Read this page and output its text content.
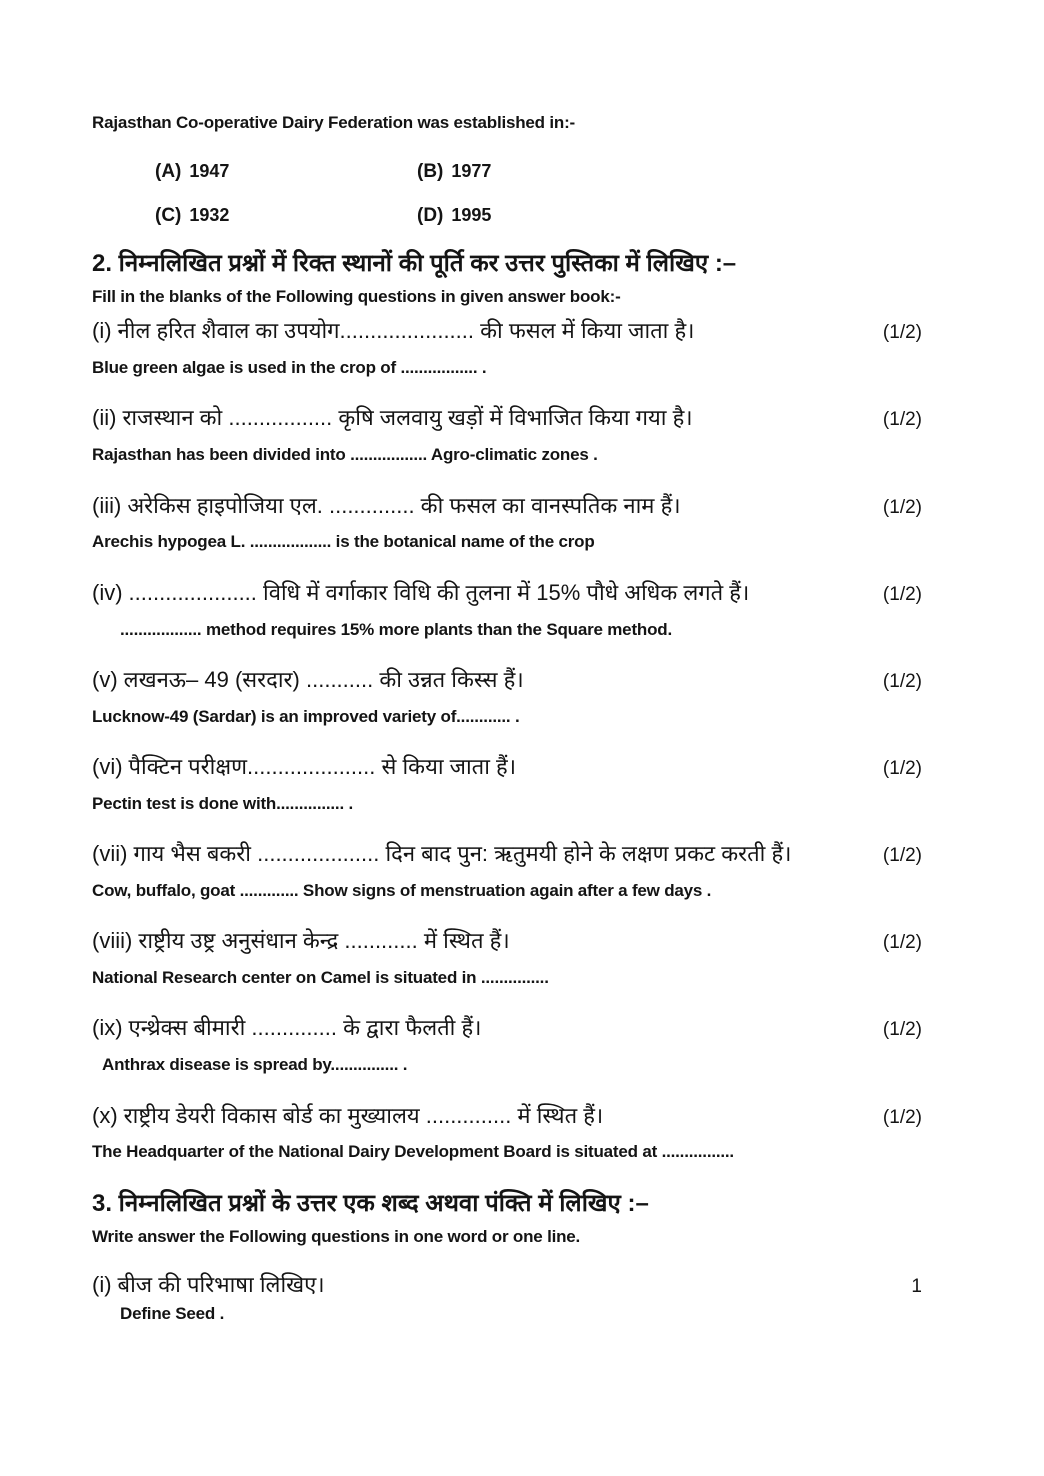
Rajasthan Co-operative Dairy Federation was established in:-
(A) 1947	(B) 1977
(C) 1932	(D) 1995
2. निम्नलिखित प्रश्नों में रिक्त स्थानों की पूर्ति कर उत्तर पुस्तिका में लिखिए :–
Fill in the blanks of the Following questions in given answer book:-
(i) नील हरित शैवाल का उपयोग...................... की फसल में किया जाता है।	(1/2)
Blue green algae is used in the crop of ................. .
(ii) राजस्थान को ................. कृषि जलवायु खड़ों में विभाजित किया गया है।	(1/2)
Rajasthan has been divided into ................. Agro-climatic zones .
(iii) अरेकिस हाइपोजिया एल. .............. की फसल का वानस्पतिक नाम हैं।	(1/2)
Arechis hypogea L. .................. is the botanical name of the crop
(iv) ..................... विधि में वर्गाकार विधि की तुलना में 15% पौधे अधिक लगते हैं।	(1/2)
.................. method requires 15% more plants than the Square method.
(v) लखनऊ– 49 (सरदार) ........... की उन्नत किस्स हैं।	(1/2)
Lucknow-49 (Sardar) is an improved variety of............ .
(vi) पैक्टिन परीक्षण..................... से किया जाता हैं।	(1/2)
Pectin test is done with............... .
(vii) गाय भैस बकरी .................... दिन बाद पुन: ऋतुमयी होने के लक्षण प्रकट करती हैं।	(1/2)
Cow, buffalo, goat ............. Show signs of menstruation again after a few days .
(viii) राष्ट्रीय उष्ट्र अनुसंधान केन्द्र ............ में स्थित हैं।	(1/2)
National Research center on Camel is situated in ...............
(ix) एन्थ्रेक्स बीमारी .............. के द्वारा फैलती हैं।	(1/2)
Anthrax disease is spread by............... .
(x) राष्ट्रीय डेयरी विकास बोर्ड का मुख्यालय .............. में स्थित हैं।	(1/2)
The Headquarter of the National Dairy Development Board is situated at ................
3. निम्नलिखित प्रश्नों के उत्तर एक शब्द अथवा पंक्ति में लिखिए :–
Write answer the Following questions in one word or one line.
(i) बीज की परिभाषा लिखिए।	1
Define Seed .
